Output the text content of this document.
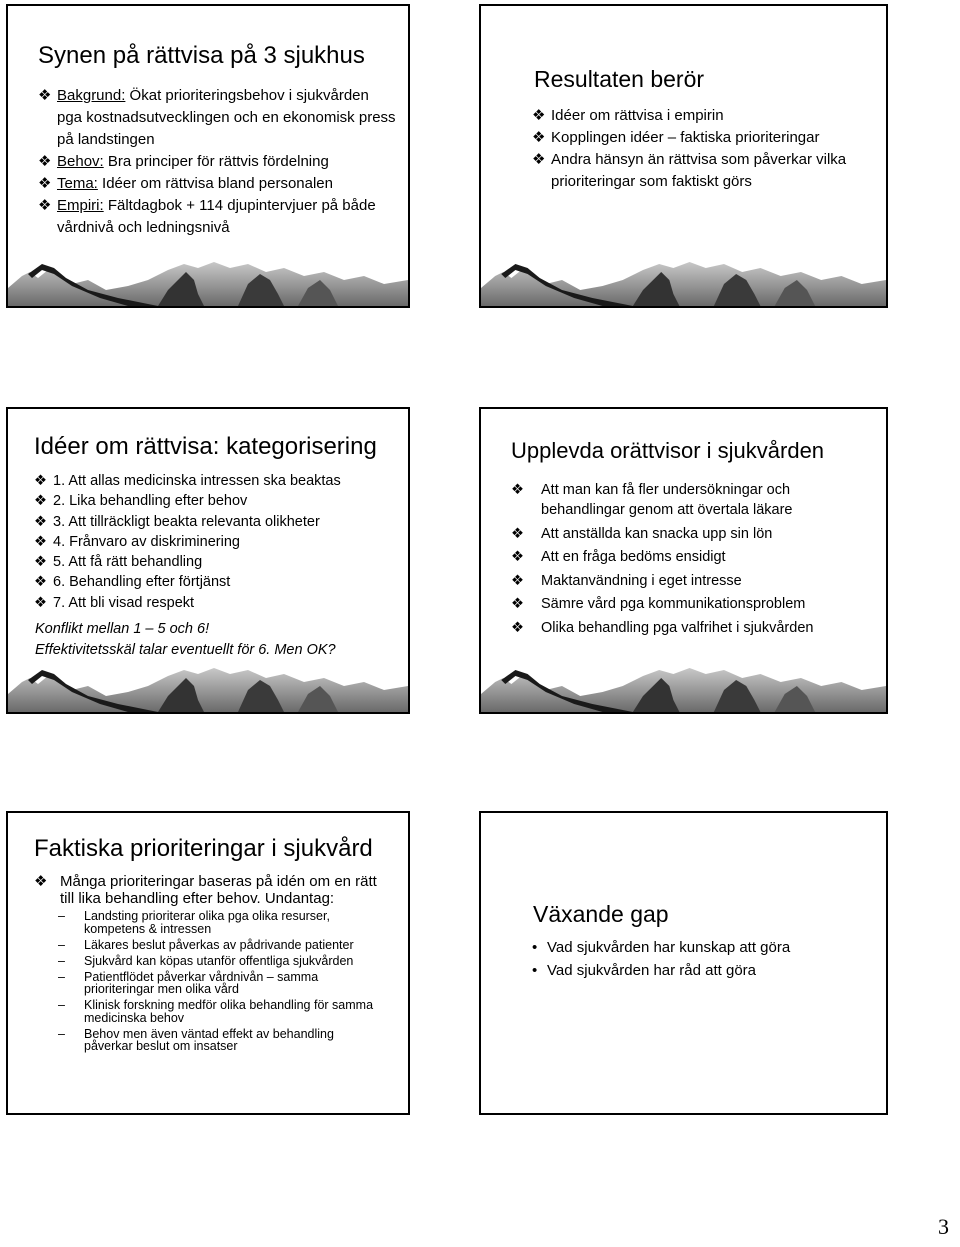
Synen på rättvisa på 3 sjukhus
❖ Bakgrund: Ökat prioriteringsbehov i sjukvården pga kostnadsutvecklingen och en ekonomisk press på landstingen
❖ Behov: Bra principer för rättvis fördelning
❖ Tema: Idéer om rättvisa bland personalen
❖ Empiri: Fältdagbok + 114 djupintervjuer på både vårdnivå och ledningsnivå
Resultaten berör
❖ Idéer om rättvisa i empirin
❖ Kopplingen idéer – faktiska prioriteringar
❖ Andra hänsyn än rättvisa som påverkar vilka prioriteringar som faktiskt görs
Idéer om rättvisa: kategorisering
❖ 1. Att allas medicinska intressen ska beaktas
❖ 2. Lika behandling efter behov
❖ 3. Att tillräckligt beakta relevanta olikheter
❖ 4. Frånvaro av diskriminering
❖ 5. Att få rätt behandling
❖ 6. Behandling efter förtjänst
❖ 7. Att bli visad respekt
Konflikt mellan 1 – 5 och 6!
Effektivitetsskäl talar eventuellt för 6. Men OK?
Upplevda orättvisor i sjukvården
❖ Att man kan få fler undersökningar och behandlingar genom att övertala läkare
❖ Att anställda kan snacka upp sin lön
❖ Att en fråga bedöms ensidigt
❖ Maktanvändning i eget intresse
❖ Sämre vård pga kommunikationsproblem
❖ Olika behandling pga valfrihet i sjukvården
Faktiska prioriteringar i sjukvård
❖ Många prioriteringar baseras på idén om en rätt till lika behandling efter behov. Undantag:
– Landsting prioriterar olika pga olika resurser, kompetens & intressen
– Läkares beslut påverkas av pådrivande patienter
– Sjukvård kan köpas utanför offentliga sjukvården
– Patientflödet påverkar vårdnivån – samma prioriteringar men olika vård
– Klinisk forskning medför olika behandling för samma medicinska behov
– Behov men även väntad effekt av behandling påverkar beslut om insatser
Växande gap
• Vad sjukvården har kunskap att göra
• Vad sjukvården har råd att göra
3
